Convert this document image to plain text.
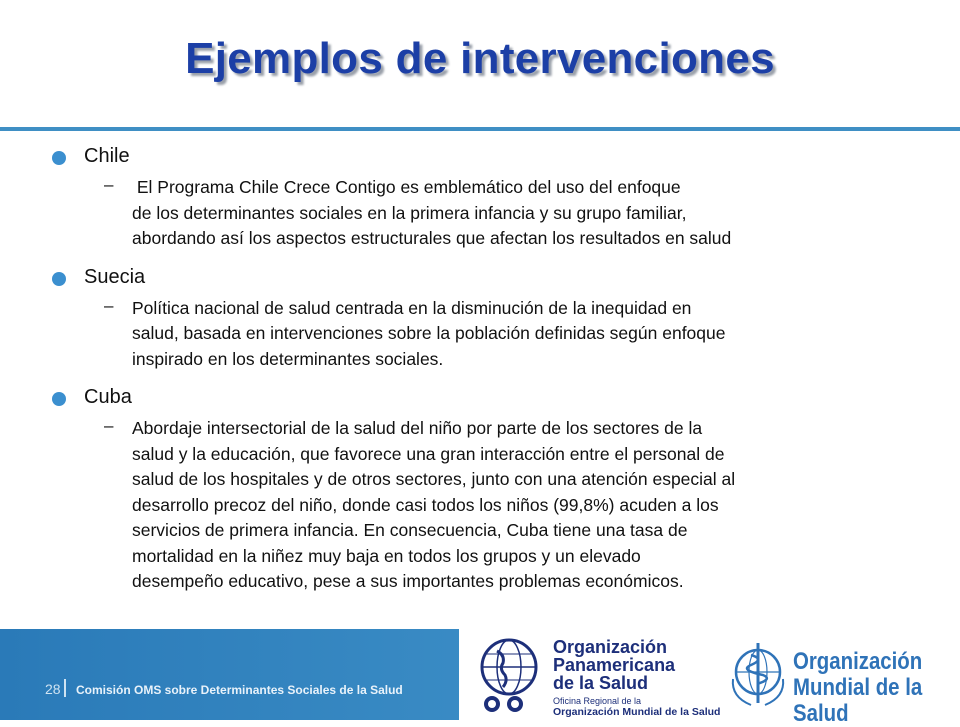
Ejemplos de intervenciones
Chile
– El Programa Chile Crece Contigo es emblemático del uso del enfoque
de los determinantes sociales en la primera infancia y su grupo familiar,
abordando así los aspectos estructurales que afectan los resultados en salud
Suecia
– Política nacional de salud centrada en la disminución de la inequidad en
salud, basada en intervenciones sobre la población definidas según enfoque
inspirado en los determinantes sociales.
Cuba
– Abordaje intersectorial de la salud del niño por parte de los sectores de la
salud y la educación, que favorece una gran interacción entre el personal de
salud de los hospitales y de otros sectores, junto con una atención especial al
desarrollo precoz del niño, donde casi todos los niños (99,8%) acuden a los
servicios de primera infancia. En consecuencia, Cuba tiene una tasa de
mortalidad en la niñez muy baja en todos los grupos y un elevado
desempeño educativo, pese a sus importantes problemas económicos.
28 Comisión OMS sobre Determinantes Sociales de la Salud
Organización
Panamericana
de la Salud
Oficina Regional de la
Organización Mundial de la Salud
Organización
Mundial de la Salud
